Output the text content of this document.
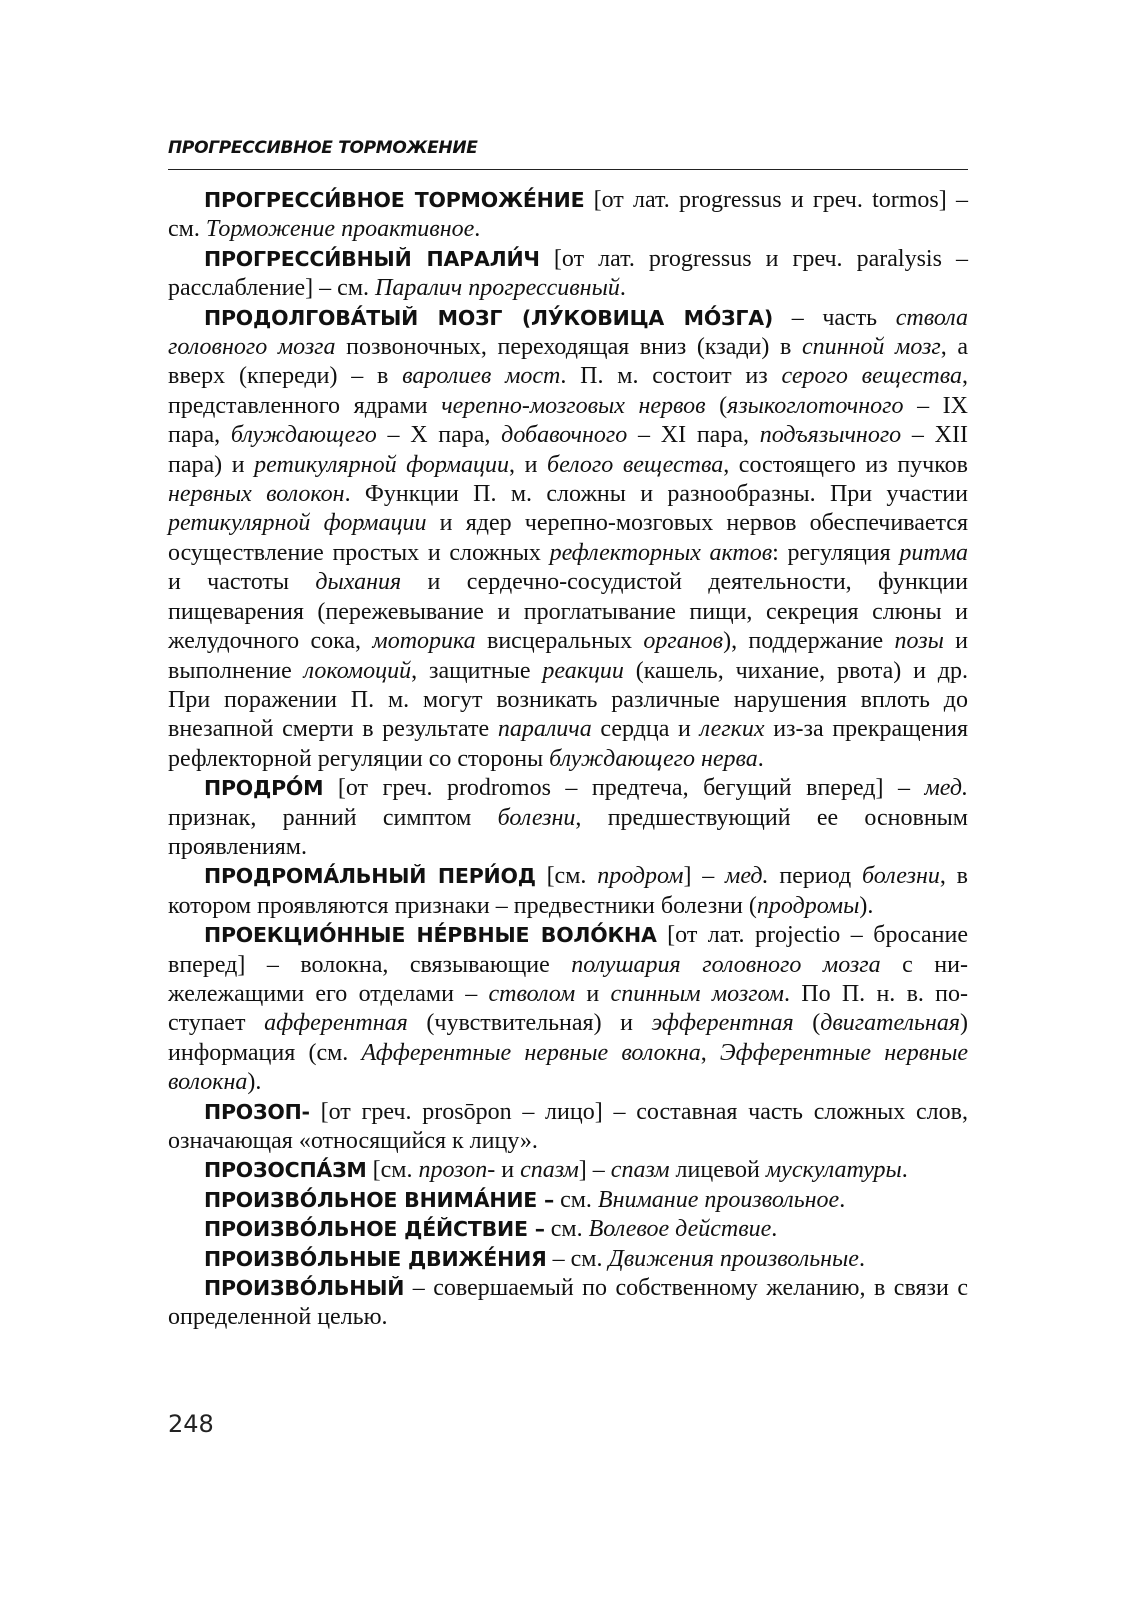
ПРОГРЕССИВНОЕ ТОРМОЖЕНИЕ

ПРОГРЕССИ́ВНОЕ ТОРМОЖЕ́НИЕ [от лат. progressus и греч. tormos] – см. Торможение проактивное.

ПРОГРЕССИ́ВНЫЙ ПАРАЛИ́Ч [от лат. progressus и греч. paralysis – расслабление] – см. Паралич прогрессивный.

ПРОДОЛГОВА́ТЫЙ МОЗГ (ЛУ́КОВИЦА МО́ЗГА) – часть ствола головного мозга позвоночных, переходящая вниз (кзади) в спинной мозг, а вверх (кпереди) – в варолиев мост. П. м. состоит из серого вещества, представленного ядрами черепно-мозговых нервов (языкоглоточного – IX пара, блуждающего – X пара, добавочного – XI пара, подъязычного – XII пара) и ретикулярной формации, и белого вещества, состоящего из пучков нервных волокон. Функции П. м. сложны и разнообразны. При участии ретикулярной формации и ядер черепно-мозговых нервов обеспечивается осуществление простых и сложных рефлекторных актов: регуляция ритма и частоты дыхания и сердечно-сосудистой деятельности, функции пищеварения (пережевывание и проглатывание пищи, секреция слюны и желудочного сока, моторика висцеральных органов), поддержание позы и выполнение локомоций, защитные реакции (кашель, чихание, рвота) и др. При поражении П. м. могут возникать различные нарушения вплоть до внезапной смерти в результате паралича сердца и легких из-за прекращения рефлекторной регуляции со стороны блуждающего нерва.

ПРОДРО́М [от греч. prodromos – предтеча, бегущий вперед] – мед. признак, ранний симптом болезни, предшествующий ее основным проявлениям.

ПРОДРОМА́ЛЬНЫЙ ПЕРИ́ОД [см. продром] – мед. период болезни, в котором проявляются признаки – предвестники болезни (продромы).

ПРОЕКЦИО́ННЫЕ НЕ́РВНЫЕ ВОЛО́КНА [от лат. projectio – бросание вперед] – волокна, связывающие полушария головного мозга с нижележащими его отделами – стволом и спинным мозгом. По П. н. в. поступает афферентная (чувствительная) и эфферентная (двигательная) информация (см. Афферентные нервные волокна, Эфферентные нервные волокна).

ПРОЗОП- [от греч. prosōpon – лицо] – составная часть сложных слов, означающая «относящийся к лицу».

ПРОЗОСПА́ЗМ [см. прозоп- и спазм] – спазм лицевой мускулатуры.

ПРОИЗВО́ЛЬНОЕ ВНИМА́НИЕ – см. Внимание произвольное.

ПРОИЗВО́ЛЬНОЕ ДЕ́ЙСТВИЕ – см. Волевое действие.

ПРОИЗВО́ЛЬНЫЕ ДВИЖЕ́НИЯ – см. Движения произвольные.

ПРОИЗВО́ЛЬНЫЙ – совершаемый по собственному желанию, в связи с определенной целью.

248
